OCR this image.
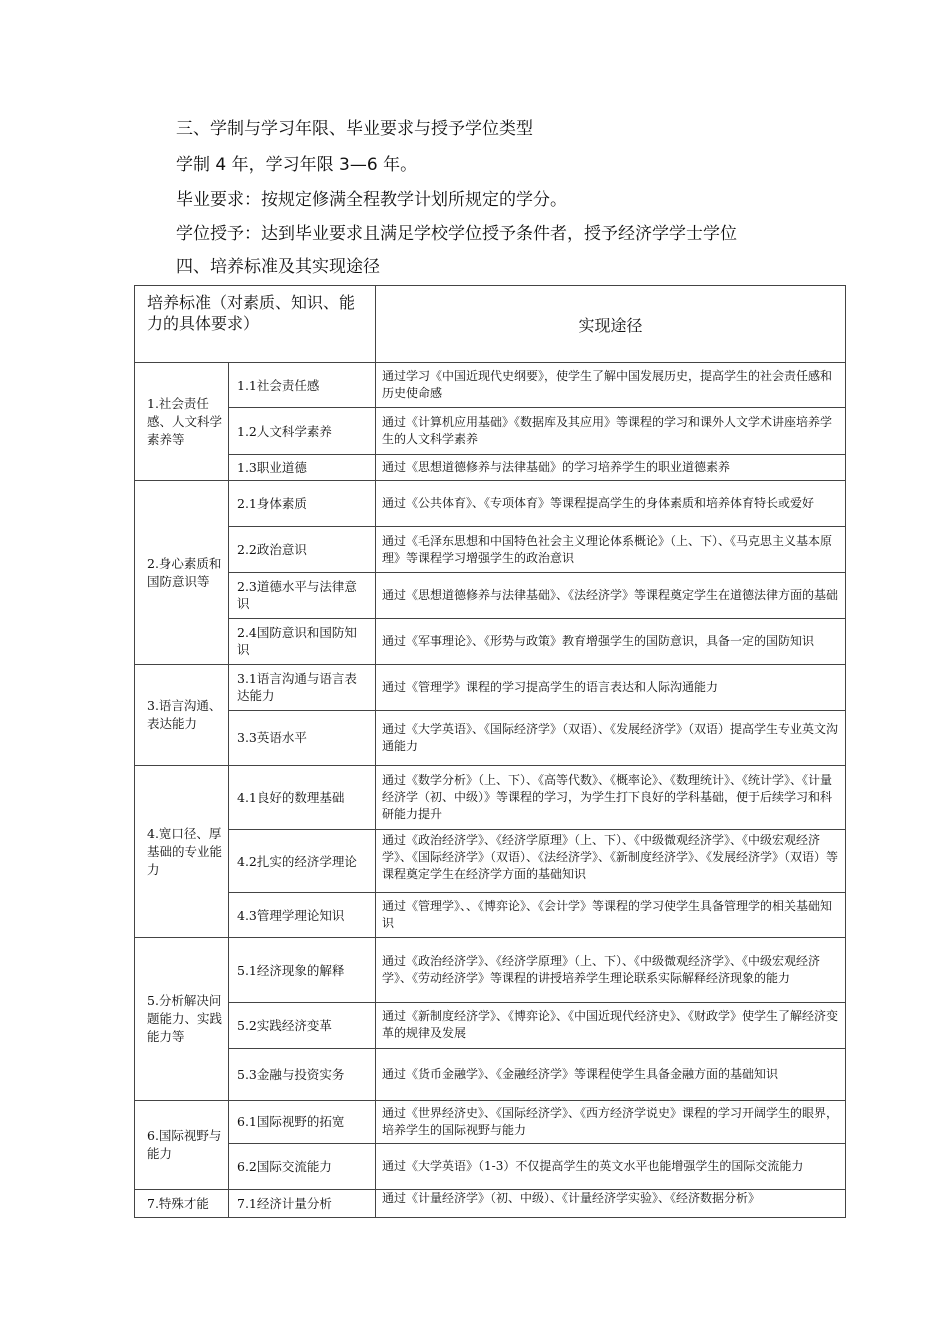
三、学制与学习年限、毕业要求与授予学位类型
学制 4 年，学习年限 3—6 年。
毕业要求：按规定修满全程教学计划所规定的学分。
学位授予：达到毕业要求且满足学校学位授予条件者，授予经济学学士学位
四、培养标准及其实现途径
培养标准（对素质、知识、能力的具体要求）		实现途径

1.社会责任感、人文科学素养等	1.1社会责任感	通过学习《中国近现代史纲要》，使学生了解中国发展历史，提高学生的社会责任感和历史使命感

	1.2人文科学素养	通过《计算机应用基础》《数据库及其应用》等课程的学习和课外人文学术讲座培养学生的人文科学素养

	1.3职业道德	通过《思想道德修养与法律基础》的学习培养学生的职业道德素养

2.身心素质和国防意识等	2.1身体素质	通过《公共体育》、《专项体育》等课程提高学生的身体素质和培养体育特长或爱好

	2.2政治意识	通过《毛泽东思想和中国特色社会主义理论体系概论》（上、下）、《马克思主义基本原理》等课程学习增强学生的政治意识

	2.3道德水平与法律意识	通过《思想道德修养与法律基础》、《法经济学》等课程奠定学生在道德法律方面的基础

	2.4国防意识和国防知识	通过《军事理论》、《形势与政策》教育增强学生的国防意识，具备一定的国防知识

3.语言沟通、表达能力	3.1语言沟通与语言表达能力	通过《管理学》课程的学习提高学生的语言表达和人际沟通能力

	3.3英语水平	通过《大学英语》、《国际经济学》（双语）、《发展经济学》（双语）提高学生专业英文沟通能力

4.宽口径、厚基础的专业能力	4.1良好的数理基础	通过《数学分析》（上、下）、《高等代数》、《概率论》、《数理统计》、《统计学》、《计量经济学（初、中级）》等课程的学习，为学生打下良好的学科基础，便于后续学习和科研能力提升

	4.2扎实的经济学理论	通过《政治经济学》、《经济学原理》（上、下）、《中级微观经济学》、《中级宏观经济学》、《国际经济学》（双语）、《法经济学》、《新制度经济学》、《发展经济学》（双语）等课程奠定学生在经济学方面的基础知识

	4.3管理学理论知识	通过《管理学》、、《博弈论》、《会计学》等课程的学习使学生具备管理学的相关基础知识

5.分析解决问题能力、实践能力等	5.1经济现象的解释	通过《政治经济学》、《经济学原理》（上、下）、《中级微观经济学》、《中级宏观经济学》、《劳动经济学》等课程的讲授培养学生理论联系实际解释经济现象的能力

	5.2实践经济变革	通过《新制度经济学》、《博弈论》、《中国近现代经济史》、《财政学》使学生了解经济变革的规律及发展

	5.3金融与投资实务	通过《货币金融学》、《金融经济学》等课程使学生具备金融方面的基础知识

6.国际视野与能力	6.1国际视野的拓宽	通过《世界经济史》、《国际经济学》、《西方经济学说史》课程的学习开阔学生的眼界，培养学生的国际视野与能力

	6.2国际交流能力	通过《大学英语》（1-3）不仅提高学生的英文水平也能增强学生的国际交流能力

7.特殊才能	7.1经济计量分析	通过《计量经济学》（初、中级）、《计量经济学实验》、《经济数据分析》
